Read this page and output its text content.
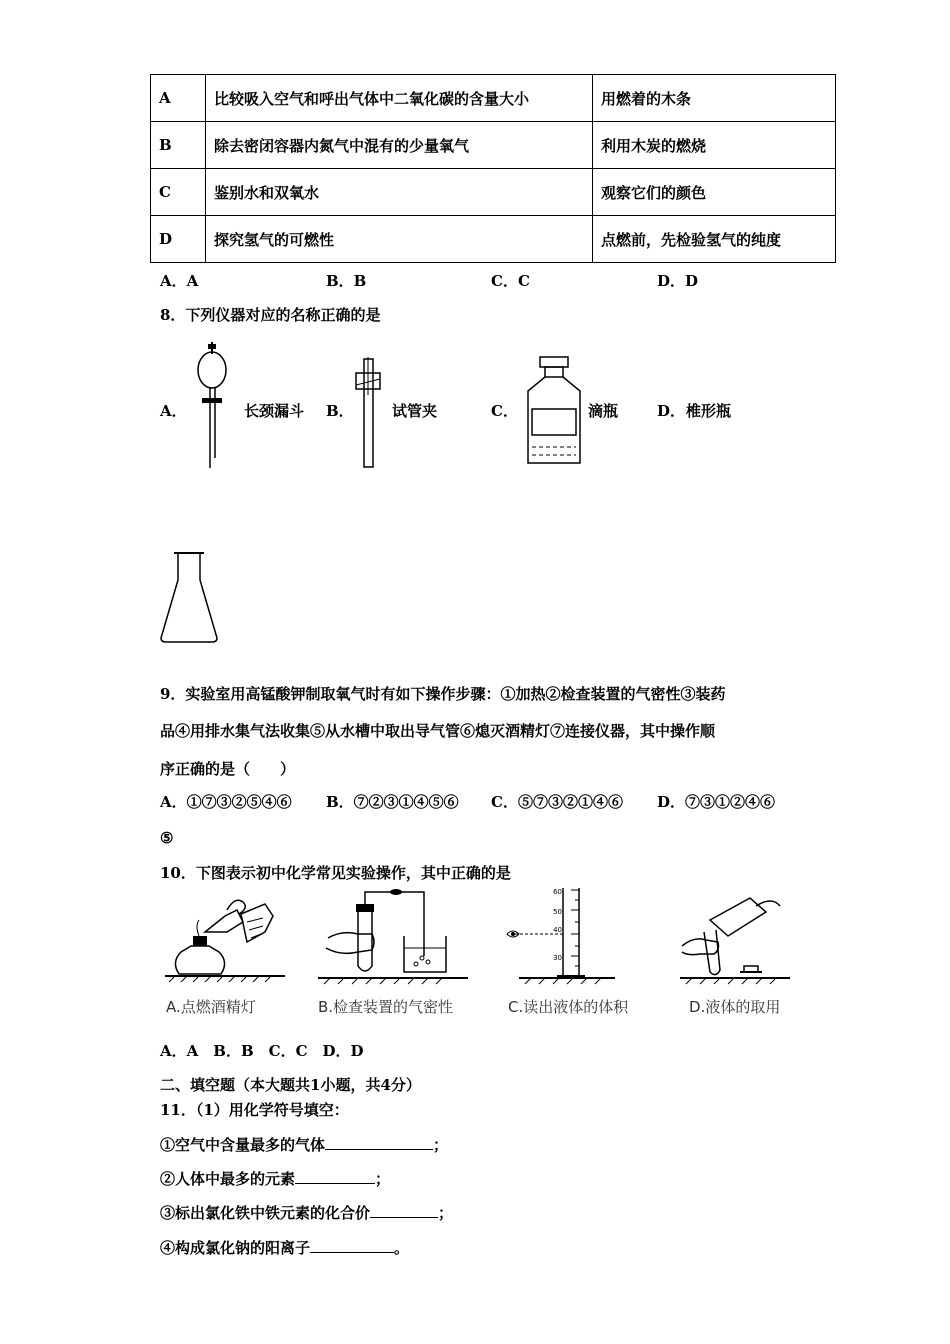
A	比较吸入空气和呼出气体中二氧化碳的含量大小	用燃着的木条
B	除去密闭容器内氮气中混有的少量氧气	利用木炭的燃烧
C	鉴别水和双氧水	观察它们的颜色
D	探究氢气的可燃性	点燃前，先检验氢气的纯度
A．A	B．B	C．C	D．D
8．下列仪器对应的名称正确的是
A．	长颈漏斗 B．	试管夹	C．	滴瓶	D． 椎形瓶
9．实验室用高锰酸钾制取氧气时有如下操作步骤：①加热②检查装置的气密性③装药
品④用排水集气法收集⑤从水槽中取出导气管⑥熄灭酒精灯⑦连接仪器，其中操作顺
序正确的是（　　）
A．①⑦③②⑤④⑥ B．⑦②③①④⑤⑥ C．⑤⑦③②①④⑥ D．⑦③①②④⑥
⑤
10．下图表示初中化学常见实验操作，其中正确的是
A.点燃酒精灯	B.检查装置的气密性
60
50
40
30
C.读出液体的体积	D.液体的取用
A．A　B．B　C．C　D．D
二、填空题（本大题共1小题，共4分）
11．（1）用化学符号填空：
①空气中含量最多的气体	；
②人体中最多的元素	；
③标出氯化铁中铁元素的化合价	；
④构成氯化钠的阳离子	。
